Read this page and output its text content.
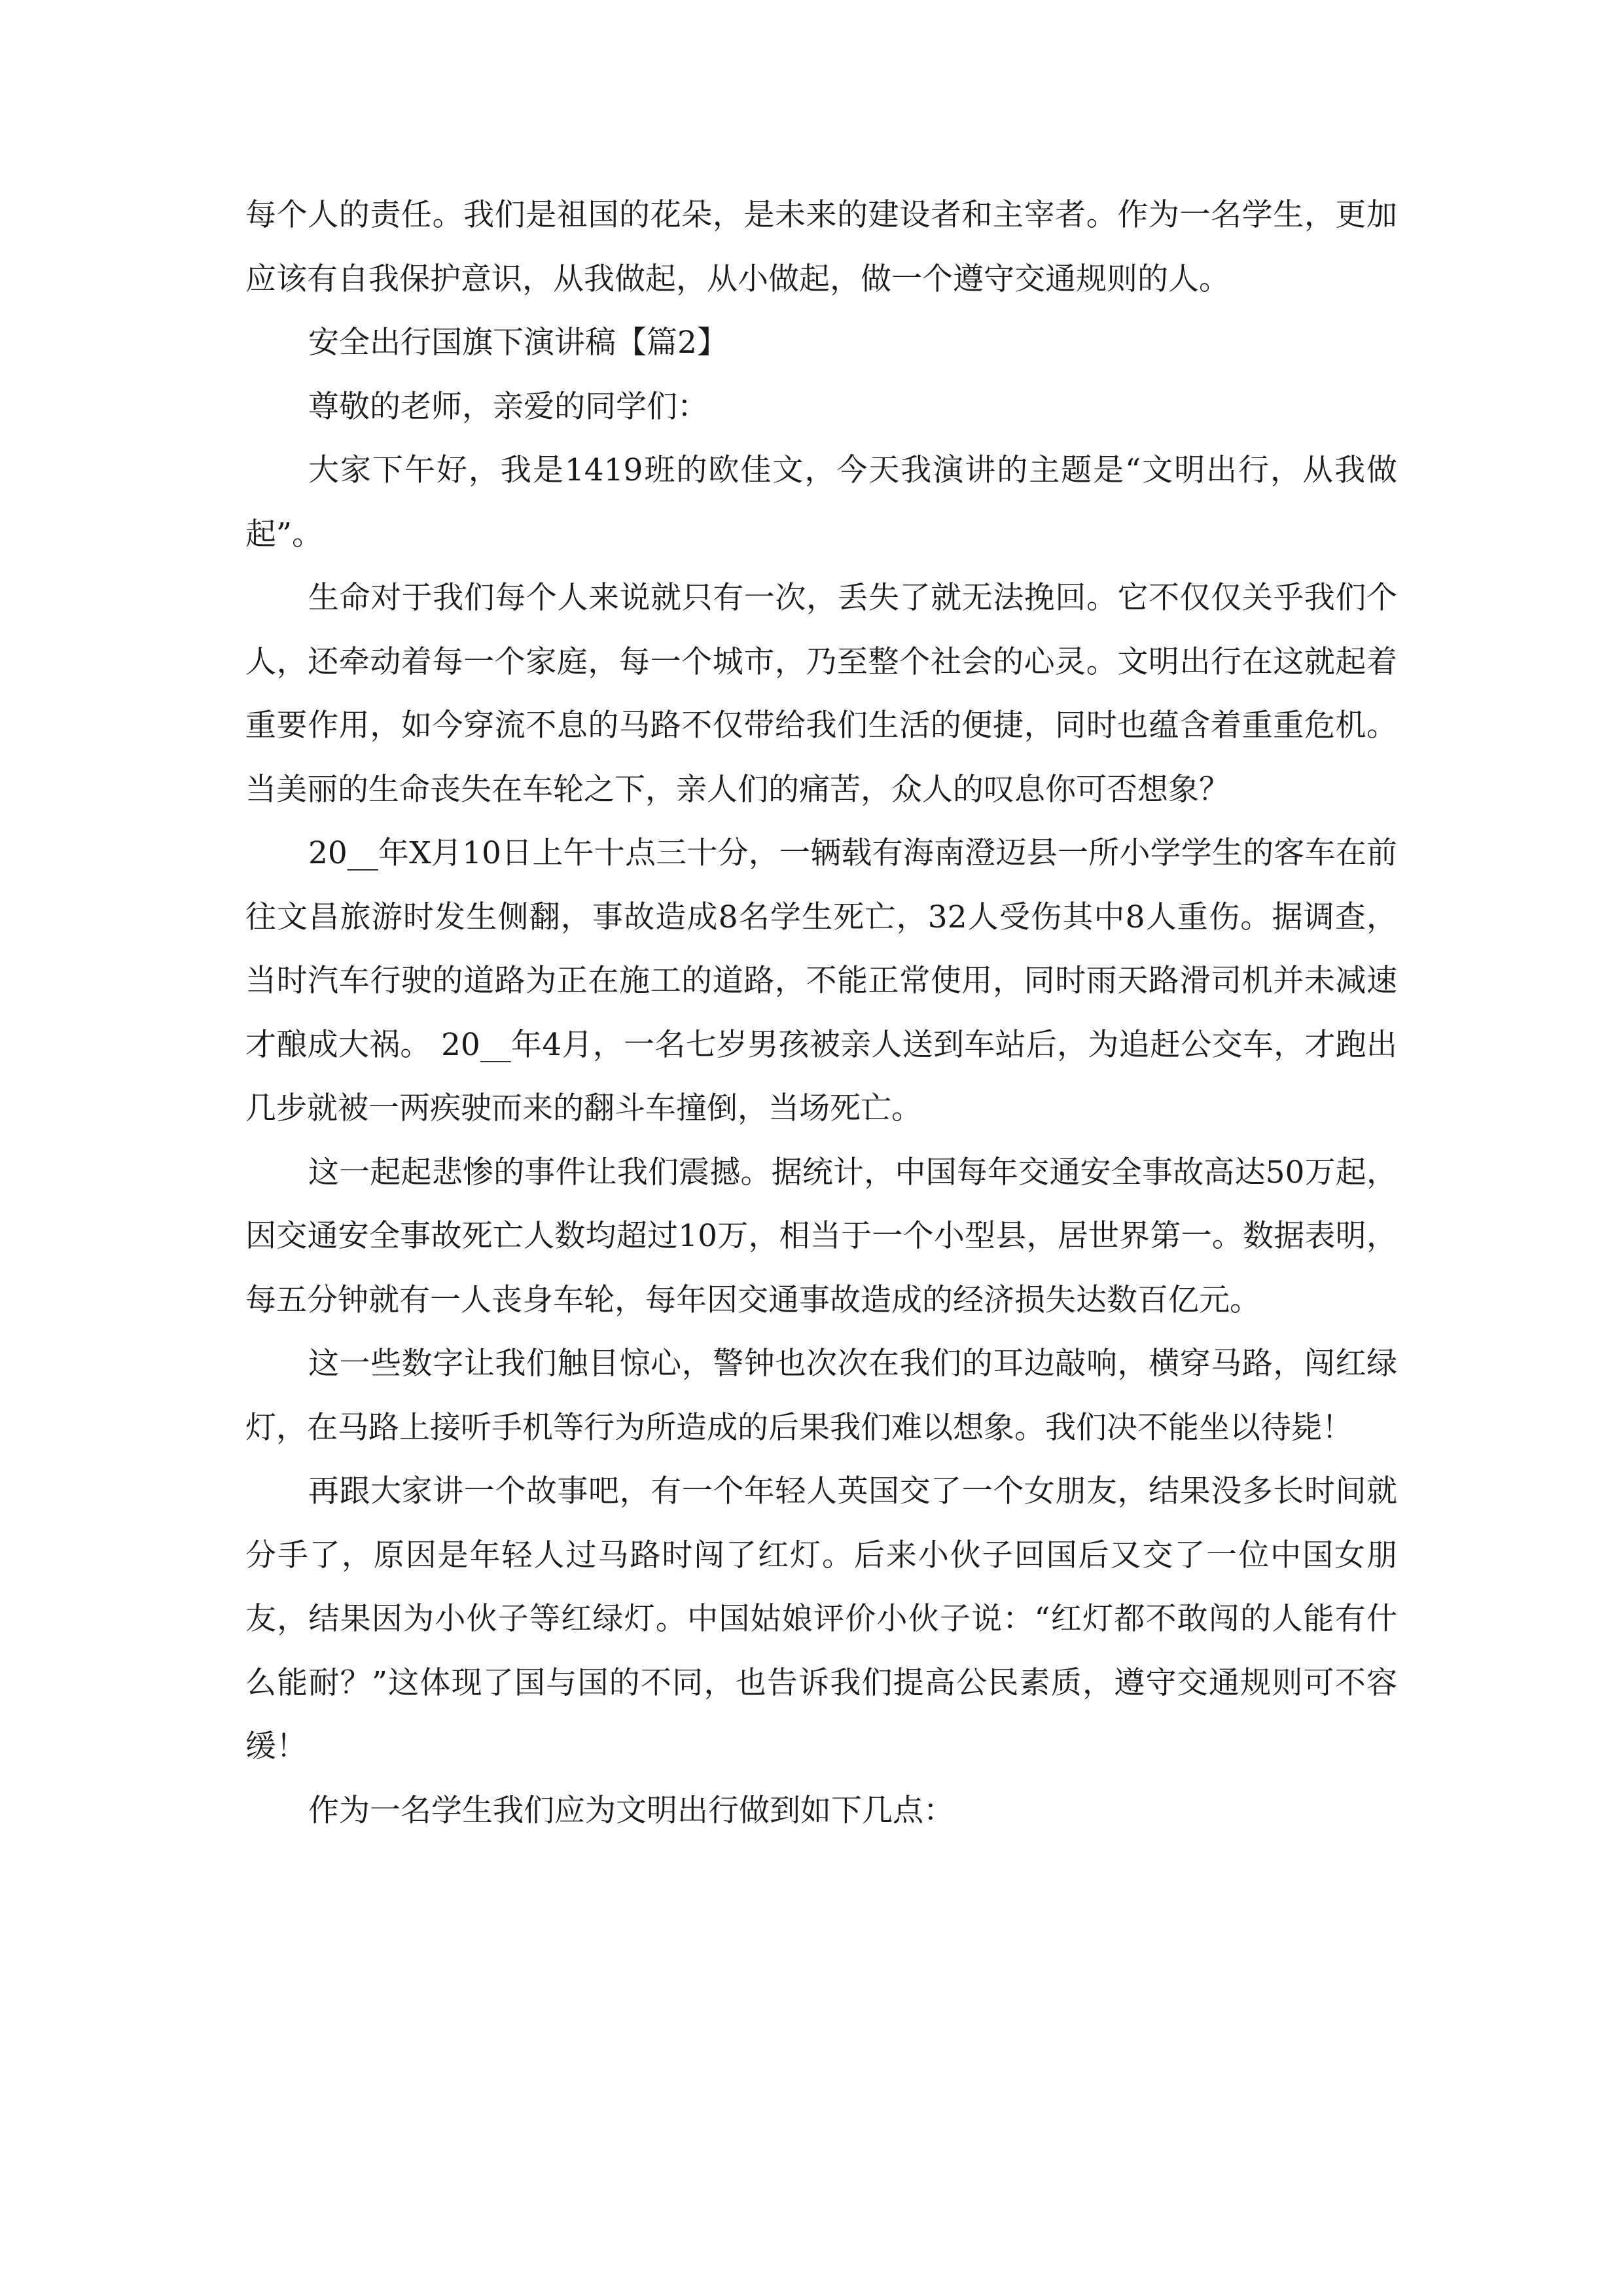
每个人的责任。我们是祖国的花朵，是未来的建设者和主宰者。作为一名学生，更加应该有自我保护意识，从我做起，从小做起，做一个遵守交通规则的人。

安全出行国旗下演讲稿【篇2】

尊敬的老师，亲爱的同学们：

大家下午好，我是1419班的欧佳文，今天我演讲的主题是“文明出行，从我做起”。

生命对于我们每个人来说就只有一次，丢失了就无法挽回。它不仅仅关乎我们个人，还牵动着每一个家庭，每一个城市，乃至整个社会的心灵。文明出行在这就起着重要作用，如今穿流不息的马路不仅带给我们生活的便捷，同时也蕴含着重重危机。当美丽的生命丧失在车轮之下，亲人们的痛苦，众人的叹息你可否想象？

20__年X月10日上午十点三十分，一辆载有海南澄迈县一所小学学生的客车在前往文昌旅游时发生侧翻，事故造成8名学生死亡，32人受伤其中8人重伤。据调查，当时汽车行驶的道路为正在施工的道路，不能正常使用，同时雨天路滑司机并未减速才酿成大祸。 20__年4月，一名七岁男孩被亲人送到车站后，为追赶公交车，才跑出几步就被一两疾驶而来的翻斗车撞倒，当场死亡。

这一起起悲惨的事件让我们震撼。据统计，中国每年交通安全事故高达50万起，因交通安全事故死亡人数均超过10万，相当于一个小型县，居世界第一。数据表明，每五分钟就有一人丧身车轮，每年因交通事故造成的经济损失达数百亿元。

这一些数字让我们触目惊心，警钟也次次在我们的耳边敲响，横穿马路，闯红绿灯，在马路上接听手机等行为所造成的后果我们难以想象。我们决不能坐以待毙！

再跟大家讲一个故事吧，有一个年轻人英国交了一个女朋友，结果没多长时间就分手了，原因是年轻人过马路时闯了红灯。后来小伙子回国后又交了一位中国女朋友，结果因为小伙子等红绿灯。中国姑娘评价小伙子说：“红灯都不敢闯的人能有什么能耐？”这体现了国与国的不同，也告诉我们提高公民素质，遵守交通规则可不容缓！

作为一名学生我们应为文明出行做到如下几点：
